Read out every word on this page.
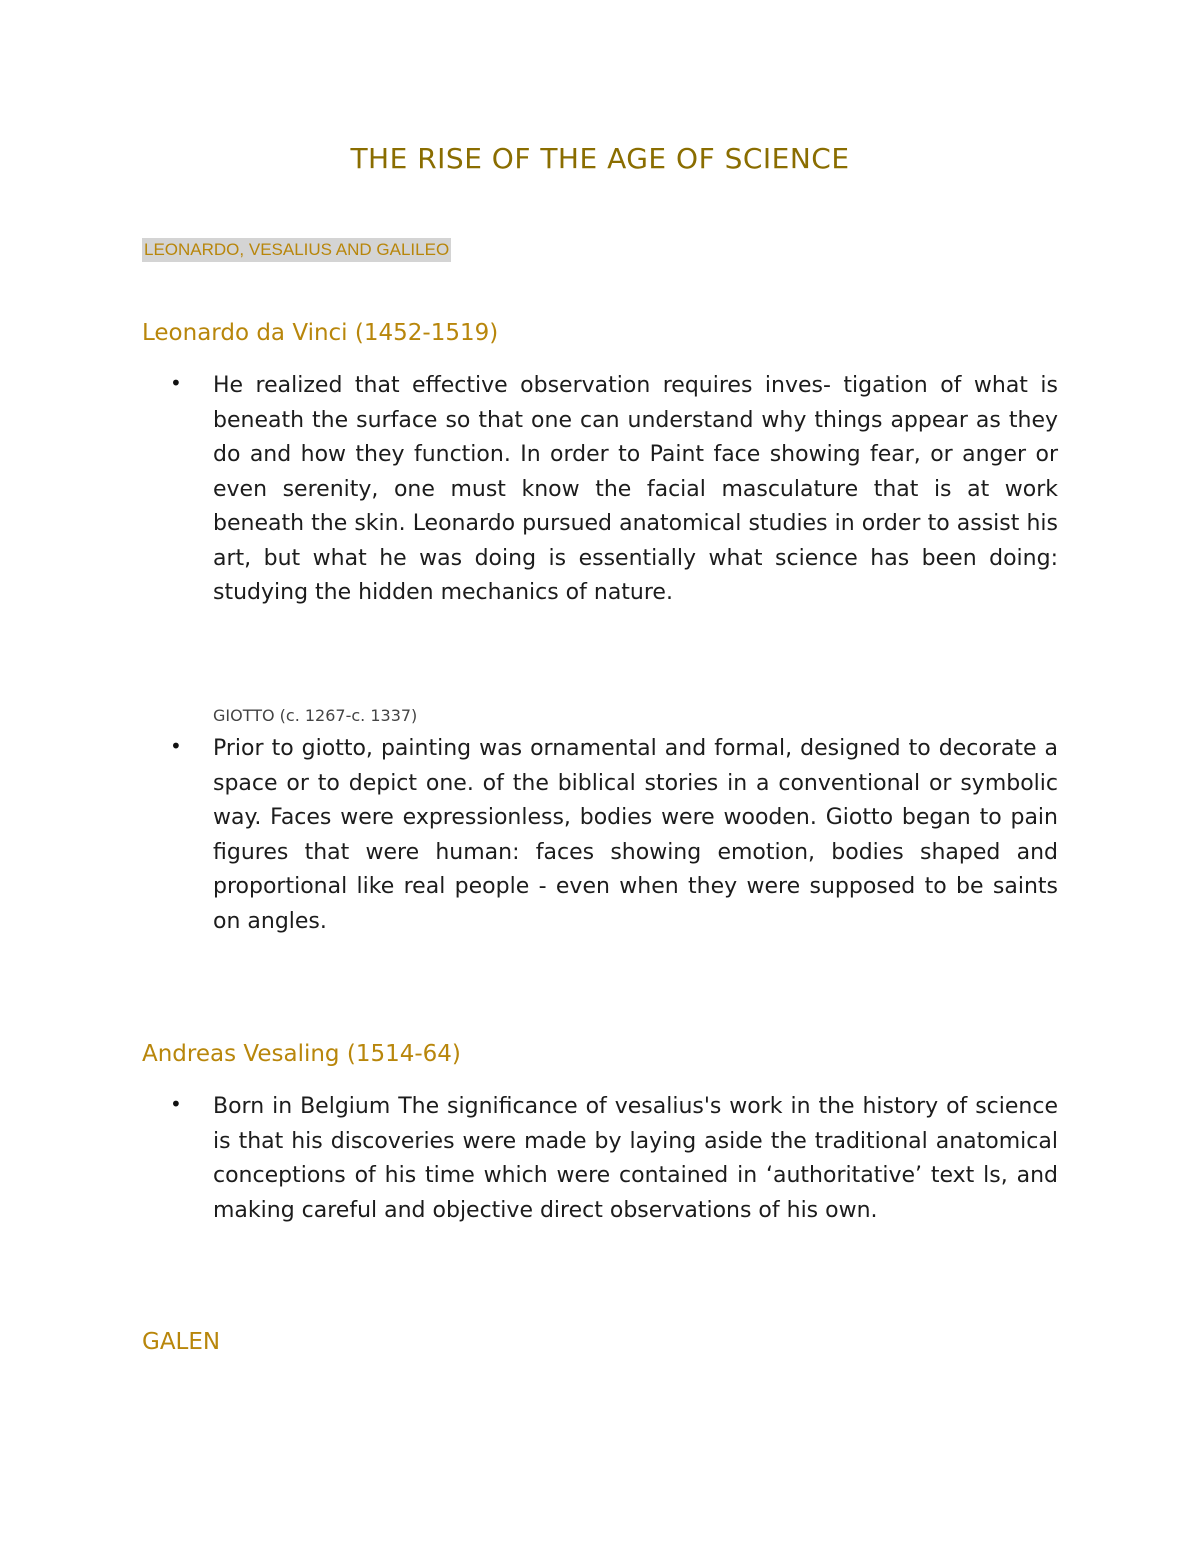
THE RISE OF THE AGE OF SCIENCE

LEONARDO, VESALIUS AND GALILEO

Leonardo da Vinci (1452-1519)
• He realized that effective observation requires inves- tigation of what is beneath the surface so that one can understand why things appear as they do and how they function. In order to Paint face showing fear, or anger or even serenity, one must know the facial masculature that is at work beneath the skin. Leonardo pursued anatomical studies in order to assist his art, but what he was doing is essentially what science has been doing: studying the hidden mechanics of nature.

GIOTTO (c. 1267-c. 1337)

• Prior to giotto, painting was ornamental and formal, designed to decorate a space or to depict one. of the biblical stories in a conventional or symbolic way. Faces were expressionless, bodies were wooden. Giotto began to pain figures that were human: faces showing emotion, bodies shaped and proportional like real people - even when they were supposed to be saints on angles.

Andreas Vesaling (1514-64)
• Born in Belgium The significance of vesalius's work in the history of science is that his discoveries were made by laying aside the traditional anatomical conceptions of his time which were contained in ‘authoritative’ text ls, and making careful and objective direct observations of his own.

GALEN
